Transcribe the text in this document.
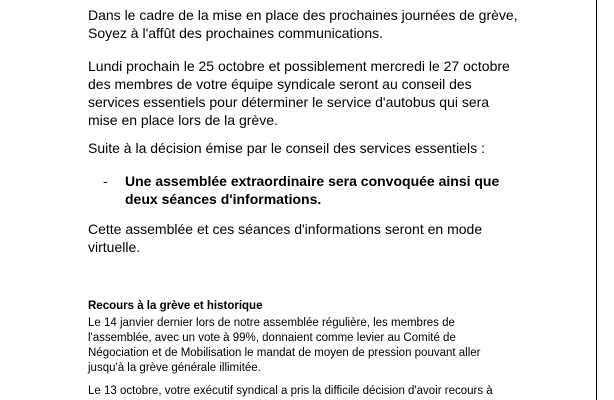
Dans le cadre de la mise en place des prochaines journées de grève,
Soyez à l'affût des prochaines communications.

Lundi prochain le 25 octobre et possiblement mercredi le 27 octobre
des membres de votre équipe syndicale seront au conseil des
services essentiels pour déterminer le service d'autobus qui sera
mise en place lors de la grève.

Suite à la décision émise par le conseil des services essentiels :

-	Une assemblée extraordinaire sera convoquée ainsi que
deux séances d'informations.

Cette assemblée et ces séances d'informations seront en mode
virtuelle.

Recours à la grève et historique

Le 14 janvier dernier lors de notre assemblée régulière, les membres de
l'assemblée, avec un vote à 99%, donnaient comme levier au Comité de
Négociation et de Mobilisation le mandat de moyen de pression pouvant aller
jusqu'à la grève générale illimitée.

Le 13 octobre, votre exécutif syndical a pris la difficile décision d'avoir recours à
